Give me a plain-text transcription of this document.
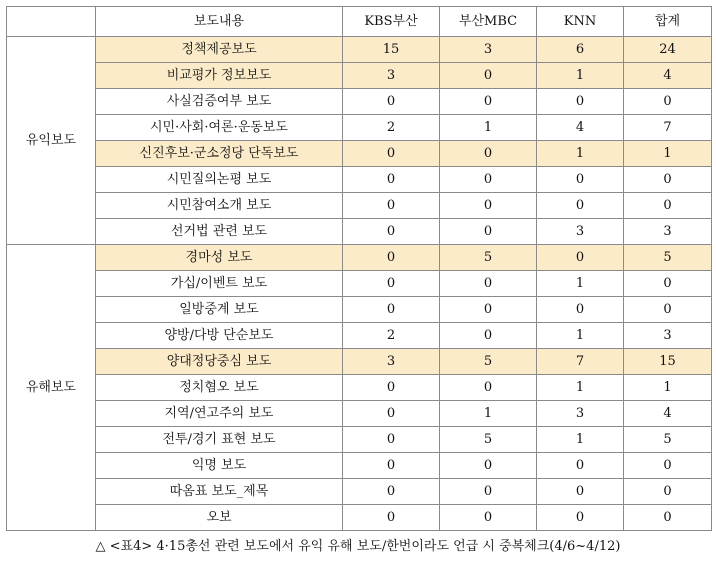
	보도내용	KBS부산	부산MBC	KNN	합계
유익보도	정책제공보도	15	3	6	24
	비교평가 정보보도	3	0	1	4
	사실검증여부 보도	0	0	0	0
	시민·사회·여론·운동보도	2	1	4	7
	신진후보·군소정당 단독보도	0	0	1	1
	시민질의논평 보도	0	0	0	0
	시민참여소개 보도	0	0	0	0
	선거법 관련 보도	0	0	3	3
유해보도	경마성 보도	0	5	0	5
	가십/이벤트 보도	0	0	1	0
	일방중계 보도	0	0	0	0
	양방/다방 단순보도	2	0	1	3
	양대정당중심 보도	3	5	7	15
	정치혐오 보도	0	0	1	1
	지역/연고주의 보도	0	1	3	4
	전투/경기 표현 보도	0	5	1	5
	익명 보도	0	0	0	0
	따옴표 보도_제목	0	0	0	0
	오보	0	0	0	0
△ <표4> 4·15총선 관련 보도에서 유익 유해 보도/한번이라도 언급 시 중복체크(4/6~4/12)
